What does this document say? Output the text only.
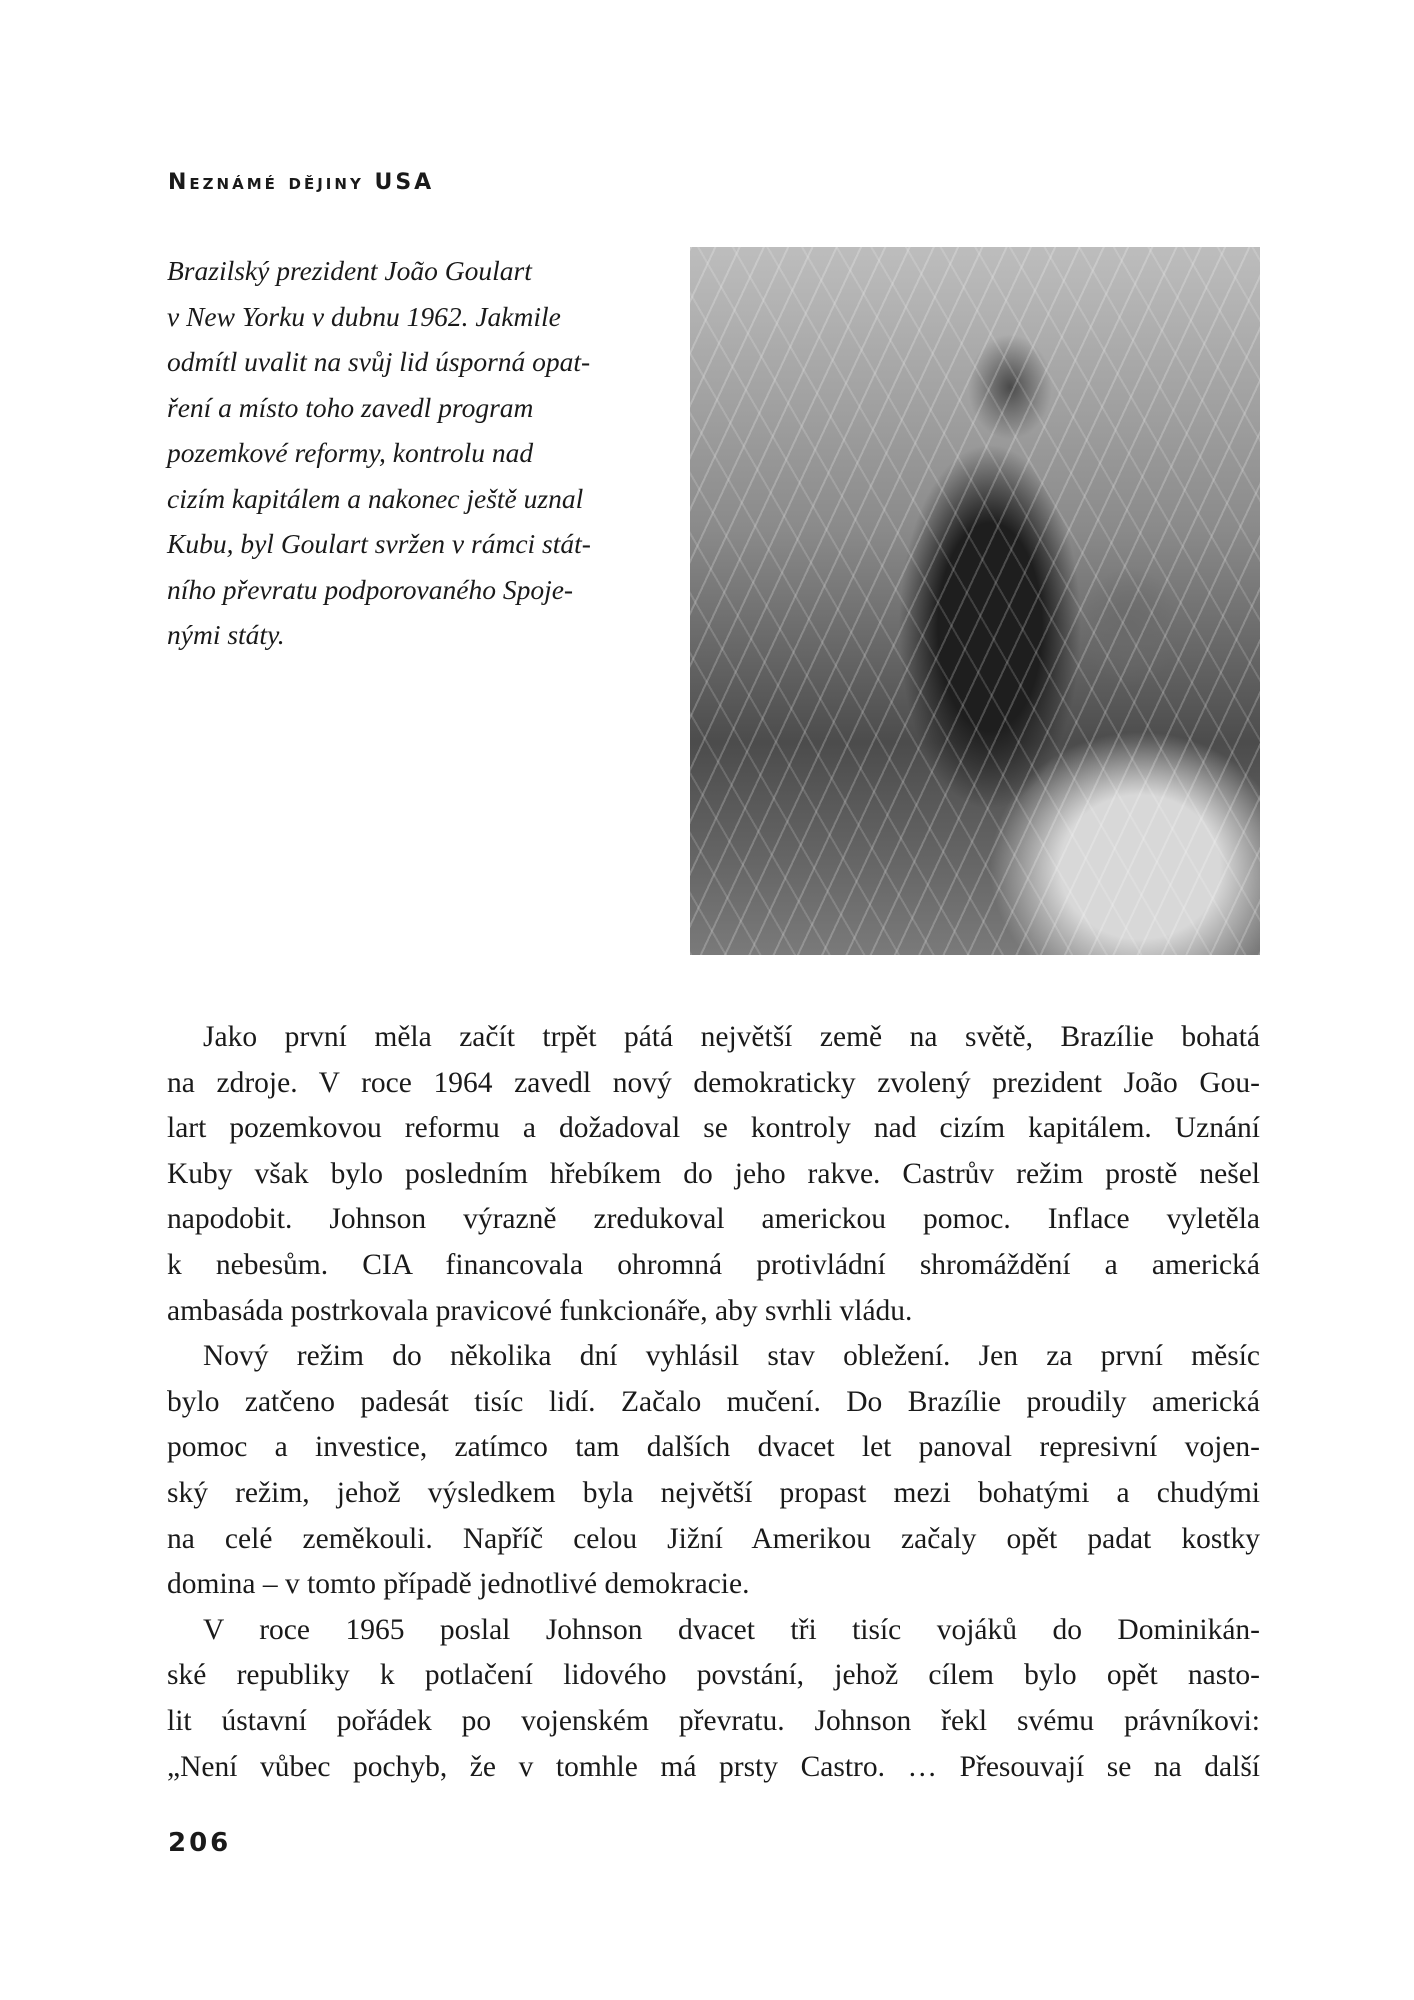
Neznámé dějiny USA

Brazilský prezident João Goulart

v New Yorku v dubnu 1962. Jakmile

odmítl uvalit na svůj lid úsporná opat-

ření a místo toho zavedl program

pozemkové reformy, kontrolu nad

cizím kapitálem a nakonec ještě uznal

Kubu, byl Goulart svržen v rámci stát-

ního převratu podporovaného Spoje-

nými státy.

Jako první měla začít trpět pátá největší země na světě, Brazílie bohatá
na zdroje. V roce 1964 zavedl nový demokraticky zvolený prezident João Gou-
lart pozemkovou reformu a dožadoval se kontroly nad cizím kapitálem. Uznání
Kuby však bylo posledním hřebíkem do jeho rakve. Castrův režim prostě nešel
napodobit. Johnson výrazně zredukoval americkou pomoc. Inflace vyletěla
k nebesům. CIA financovala ohromná protivládní shromáždění a americká
ambasáda postrkovala pravicové funkcionáře, aby svrhli vládu.

Nový režim do několika dní vyhlásil stav obležení. Jen za první měsíc
bylo zatčeno padesát tisíc lidí. Začalo mučení. Do Brazílie proudily americká
pomoc a investice, zatímco tam dalších dvacet let panoval represivní vojen-
ský režim, jehož výsledkem byla největší propast mezi bohatými a chudými
na celé zeměkouli. Napříč celou Jižní Amerikou začaly opět padat kostky
domina – v tomto případě jednotlivé demokracie.

V roce 1965 poslal Johnson dvacet tři tisíc vojáků do Dominikán-
ské republiky k potlačení lidového povstání, jehož cílem bylo opět nasto-
lit ústavní pořádek po vojenském převratu. Johnson řekl svému právníkovi:
„Není vůbec pochyb, že v tomhle má prsty Castro. … Přesouvají se na další

206
